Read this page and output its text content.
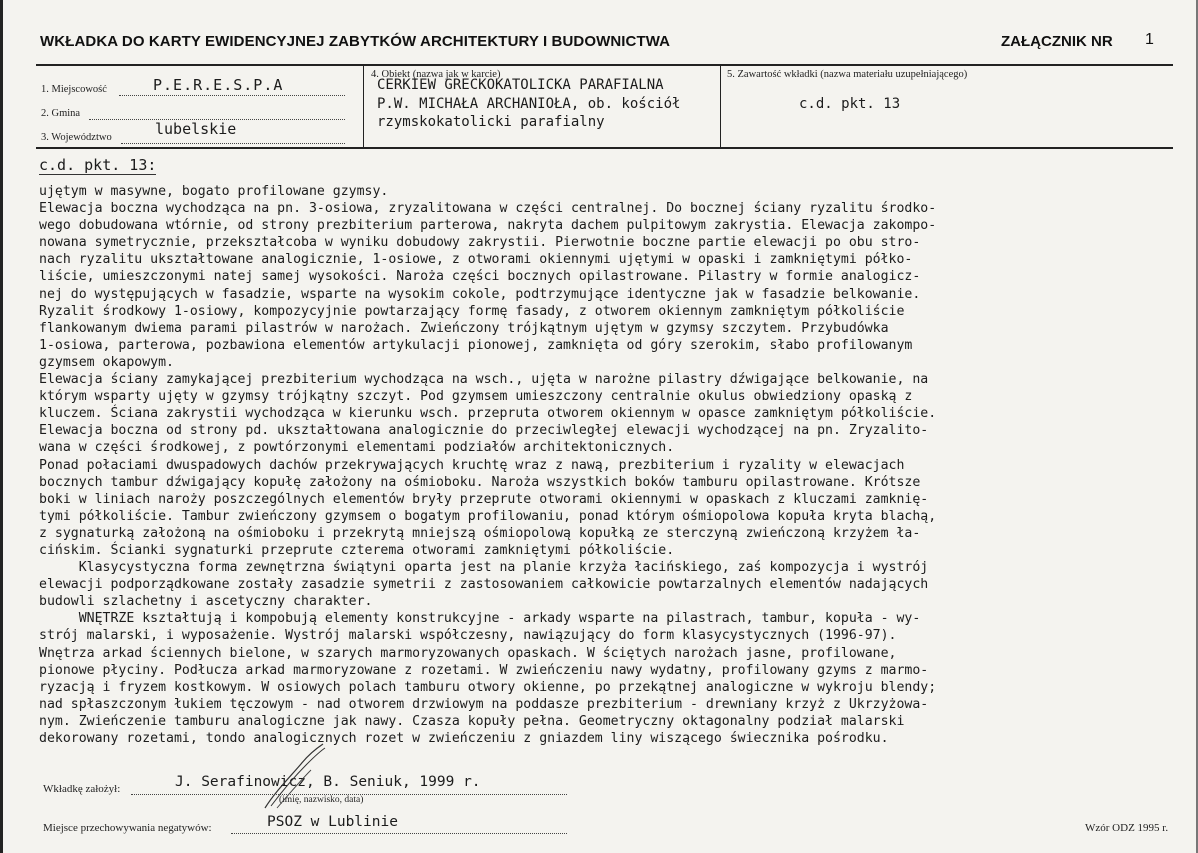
WKŁADKA DO KARTY EWIDENCYJNEJ ZABYTKÓW ARCHITEKTURY I BUDOWNICTWA	ZAŁĄCZNIK NR 1
1. Miejscowość	P.E.R.E.S.P.A
2. Gmina
3. Województwo	lubelskie
4. Obiekt (nazwa jak w karcie)
CERKIEW GRECKOKATOLICKA PARAFIALNA
P.W. MICHAŁA ARCHANIOŁA, ob. kościół
rzymskokatolicki parafialny
5. Zawartość wkładki (nazwa materiału uzupełniającego)
c.d. pkt. 13
c.d. pkt. 13:
ujętym w masywne, bogato profilowane gzymsy.
Elewacja boczna wychodząca na pn. 3-osiowa, zryzalitowana w części centralnej. Do bocznej ściany ryzalitu środko-
wego dobudowana wtórnie, od strony prezbiterium parterowa, nakryta dachem pulpitowym zakrystia. Elewacja zakompo-
nowana symetrycznie, przekształcoba w wyniku dobudowy zakrystii. Pierwotnie boczne partie elewacji po obu stro-
nach ryzalitu ukształtowane analogicznie, 1-osiowe, z otworami okiennymi ujętymi w opaski i zamkniętymi półko-
liście, umieszczonymi natej samej wysokości. Naroża części bocznych opilastrowane. Pilastry w formie analogicz-
nej do występujących w fasadzie, wsparte na wysokim cokole, podtrzymujące identyczne jak w fasadzie belkowanie.
Ryzalit środkowy 1-osiowy, kompozycyjnie powtarzający formę fasady, z otworem okiennym zamkniętym półkoliście
flankowanym dwiema parami pilastrów w narożach. Zwieńczony trójkątnym ujętym w gzymsy szczytem. Przybudówka
1-osiowa, parterowa, pozbawiona elementów artykulacji pionowej, zamknięta od góry szerokim, słabo profilowanym
gzymsem okapowym.
Elewacja ściany zamykającej prezbiterium wychodząca na wsch., ujęta w narożne pilastry dźwigające belkowanie, na
którym wsparty ujęty w gzymsy trójkątny szczyt. Pod gzymsem umieszczony centralnie okulus obwiedziony opaską z
kluczem. Ściana zakrystii wychodząca w kierunku wsch. przepruta otworem okiennym w opasce zamkniętym półkoliście.
Elewacja boczna od strony pd. ukształtowana analogicznie do przeciwległej elewacji wychodzącej na pn. Zryzalito-
wana w części środkowej, z powtórzonymi elementami podziałów architektonicznych.
Ponad połaciami dwuspadowych dachów przekrywających kruchtę wraz z nawą, prezbiterium i ryzality w elewacjach
bocznych tambur dźwigający kopułę założony na ośmioboku. Naroża wszystkich boków tamburu opilastrowane. Krótsze
boki w liniach naroży poszczególnych elementów bryły przeprute otworami okiennymi w opaskach z kluczami zamknię-
tymi półkoliście. Tambur zwieńczony gzymsem o bogatym profilowaniu, ponad którym ośmiopolowa kopuła kryta blachą,
z sygnaturką założoną na ośmioboku i przekrytą mniejszą ośmiopolową kopułką ze sterczyną zwieńczoną krzyżem ła-
cińskim. Ścianki sygnaturki przeprute czterema otworami zamkniętymi półkoliście.
Klasycystyczna forma zewnętrzna świątyni oparta jest na planie krzyża łacińskiego, zaś kompozycja i wystrój
elewacji podporządkowane zostały zasadzie symetrii z zastosowaniem całkowicie powtarzalnych elementów nadających
budowli szlachetny i ascetyczny charakter.
WNĘTRZE kształtują i kompobują elementy konstrukcyjne - arkady wsparte na pilastrach, tambur, kopuła - wy-
strój malarski, i wyposażenie. Wystrój malarski współczesny, nawiązujący do form klasycystycznych (1996-97).
Wnętrza arkad ściennych bielone, w szarych marmoryzowanych opaskach. W ściętych narożach jasne, profilowane,
pionowe płyciny. Podłucza arkad marmoryzowane z rozetami. W zwieńczeniu nawy wydatny, profilowany gzyms z marmo-
ryzacją i fryzem kostkowym. W osiowych polach tamburu otwory okienne, po przekątnej analogiczne w wykroju blendy;
nad spłaszczonym łukiem tęczowym - nad otworem drzwiowym na poddasze prezbiterium - drewniany krzyż z Ukrzyżowa-
nym. Zwieńczenie tamburu analogiczne jak nawy. Czasza kopuły pełna. Geometryczny oktagonalny podział malarski
dekorowany rozetami, tondo analogicznych rozet w zwieńczeniu z gniazdem liny wiszącego świecznika pośrodku.
Wkładkę założył:	J. Serafinowicz, B. Seniuk, 1999 r.
(imię, nazwisko, data)
Miejsce przechowywania negatywów:	PSOZ w Lublinie	Wzór ODZ 1995 r.
